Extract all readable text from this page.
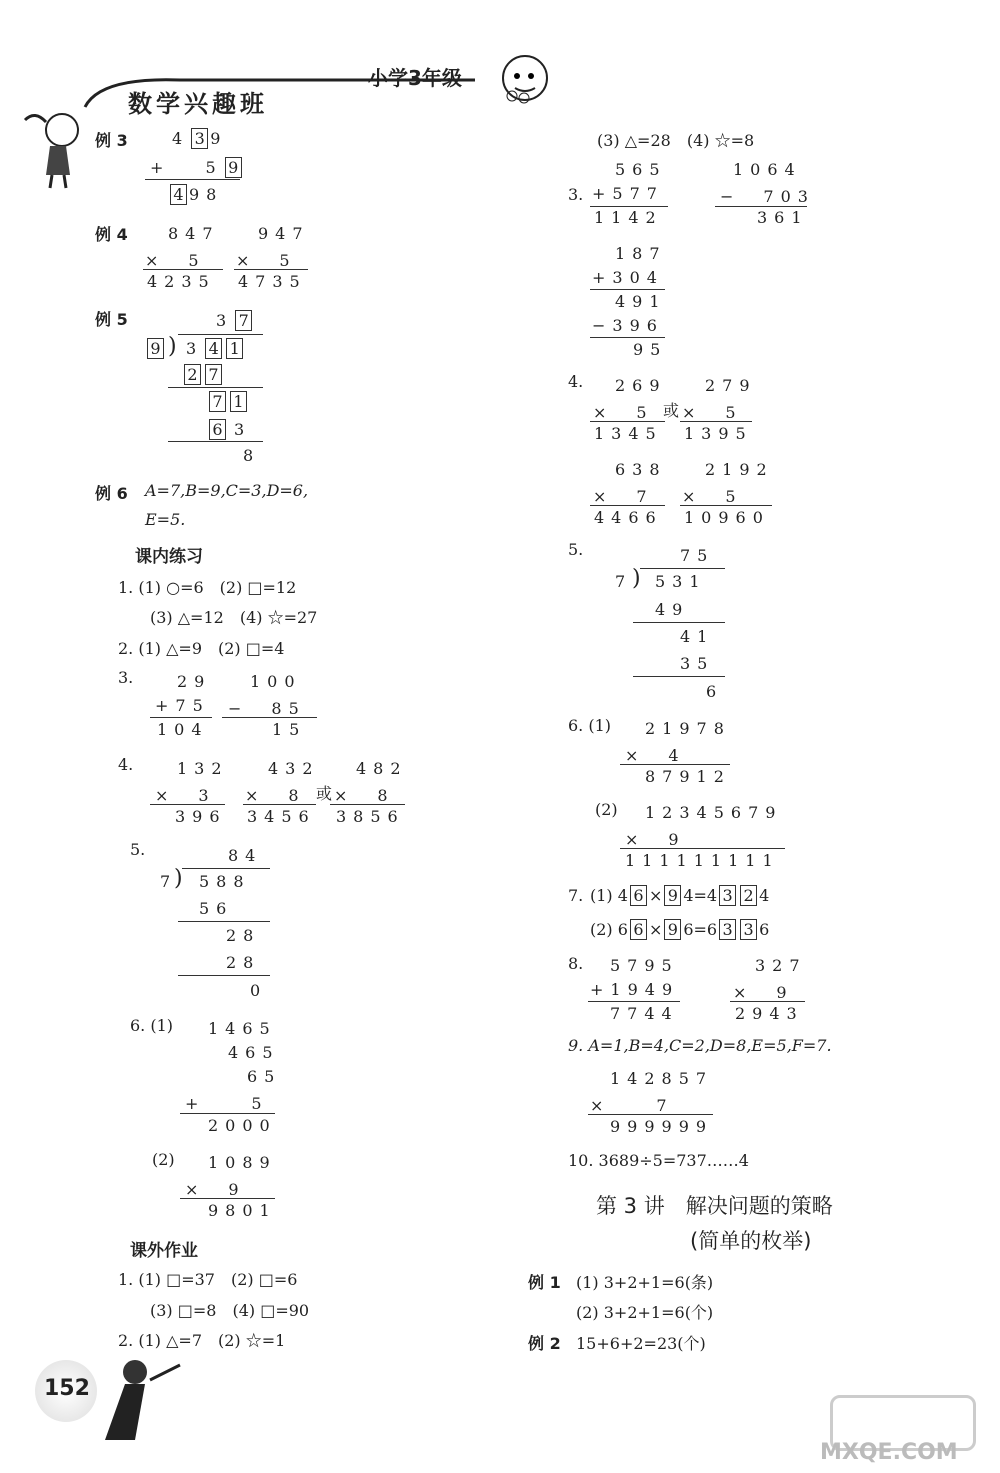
小学3年级
数学兴趣班
例 3	4 3 9
+　 5 9
4 98
例 4	847 947
×　5 ×　5
4235 4735
例 5	3 7
9 ) 3 4 1
2 7
7 1
6 3
8
例 6 A=7,B=9,C=3,D=6,
E=5.
课内练习
1. (1) ○=6　(2) □=12
(3) △=12　(4) ☆=27
2. (1) △=9　(2) □=4
3.	29
+75
104
100
−　85
15
4.	132
×　3
396
432
×　8 或
3456
482
×　8
3856
5.	84
7 ) 588
56
28
28
0
6. (1) 1465
465
65
+　　5
2000
(2) 1089
×　9
9801
课外作业
1. (1) □=37　(2) □=6
(3) □=8　(4) □=90
2. (1) △=7　(2) ☆=1
152
(3) △=28　(4) ☆=8
3.
565
+577
1142
1064
−　703
361
187
+304
491
−396
95
4. 269
×　5 或
1345
279
×　5
1395
638
×　7
4466
2192
×　5
10960
5.	75
7 ) 531
49
41
35
6
6. (1) 21978
×　4
87912
(2) 12345679
×　9
111111111
7. (1) 4 6 × 9 4=4 3 2 4
(2) 6 6 × 9 6=6 3 3 6
8. 5795
+1949
7744
327
×　9
2943
9. A=1,B=4,C=2,D=8,E=5,F=7.
142857
×　　7
999999
10. 3689÷5=737……4
第 3 讲　解决问题的策略
(简单的枚举)
例 1 (1) 3+2+1=6(条)
(2) 3+2+1=6(个)
例 2 15+6+2=23(个)
MXQE.COM
